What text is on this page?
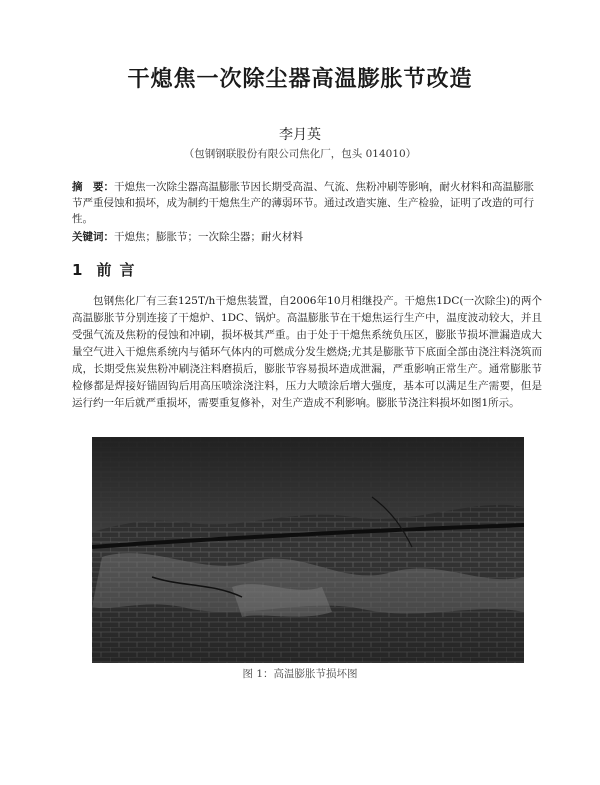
干熄焦一次除尘器高温膨胀节改造
李月英
（包钢钢联股份有限公司焦化厂，包头 014010）
摘　要：干熄焦一次除尘器高温膨胀节因长期受高温、气流、焦粉冲刷等影响，耐火材料和高温膨胀节严重侵蚀和损坏，成为制约干熄焦生产的薄弱环节。通过改造实施、生产检验，证明了改造的可行性。
关键词：干熄焦；膨胀节；一次除尘器；耐火材料
1 前言

包钢焦化厂有三套125T/h干熄焦装置，自2006年10月相继投产。干熄焦1DC(一次除尘)的两个高温膨胀节分别连接了干熄炉、1DC、锅炉。高温膨胀节在干熄焦运行生产中，温度波动较大，并且受强气流及焦粉的侵蚀和冲刷，损坏极其严重。由于处于干熄焦系统负压区，膨胀节损坏泄漏造成大量空气进入干熄焦系统内与循环气体内的可燃成分发生燃烧;尤其是膨胀节下底面全部由浇注料浇筑而成，长期受焦炭焦粉冲刷浇注料磨损后，膨胀节容易损坏造成泄漏，严重影响正常生产。通常膨胀节检修都是焊接好锚固钩后用高压喷涂浇注料，压力大喷涂后增大强度，基本可以满足生产需要，但是运行约一年后就严重损坏，需要重复修补，对生产造成不利影响。膨胀节浇注料损坏如图1所示。

图 1：高温膨胀节损坏图
